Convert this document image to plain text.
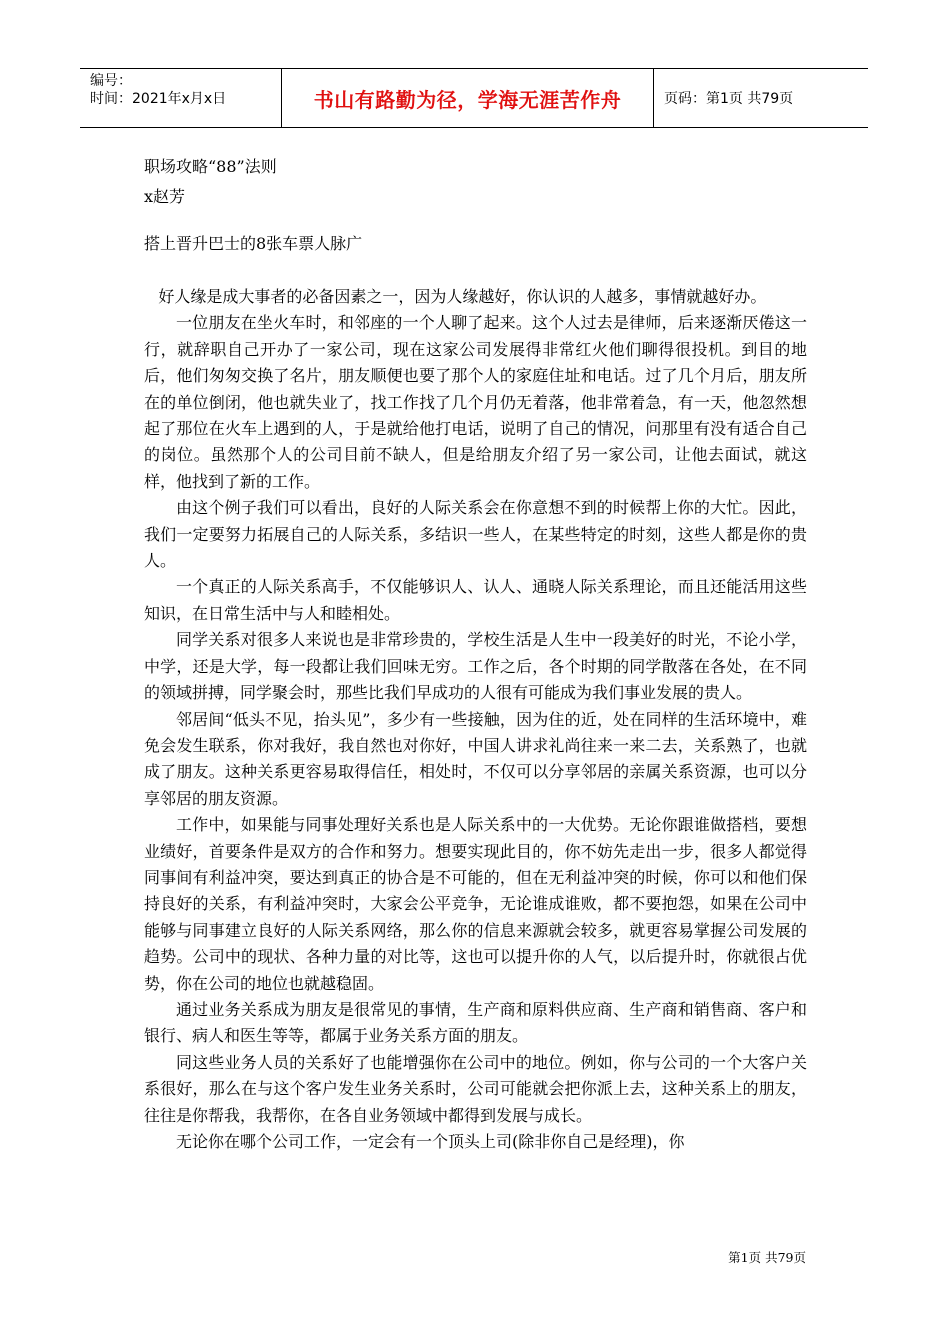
编号：
时间：2021年x月x日	书山有路勤为径，学海无涯苦作舟	页码：第1页 共79页
职场攻略“88”法则
x赵芳
搭上晋升巴士的8张车票人脉广

好人缘是成大事者的必备因素之一，因为人缘越好，你认识的人越多，事情就越好办。

一位朋友在坐火车时，和邻座的一个人聊了起来。这个人过去是律师，后来逐渐厌倦这一行，就辞职自己开办了一家公司，现在这家公司发展得非常红火他们聊得很投机。到目的地后，他们匆匆交换了名片，朋友顺便也要了那个人的家庭住址和电话。过了几个月后，朋友所在的单位倒闭，他也就失业了，找工作找了几个月仍无着落，他非常着急，有一天，他忽然想起了那位在火车上遇到的人，于是就给他打电话，说明了自己的情况，问那里有没有适合自己的岗位。虽然那个人的公司目前不缺人，但是给朋友介绍了另一家公司，让他去面试，就这样，他找到了新的工作。

由这个例子我们可以看出，良好的人际关系会在你意想不到的时候帮上你的大忙。因此，我们一定要努力拓展自己的人际关系，多结识一些人，在某些特定的时刻，这些人都是你的贵人。

一个真正的人际关系高手，不仅能够识人、认人、通晓人际关系理论，而且还能活用这些知识，在日常生活中与人和睦相处。

同学关系对很多人来说也是非常珍贵的，学校生活是人生中一段美好的时光，不论小学，中学，还是大学，每一段都让我们回味无穷。工作之后，各个时期的同学散落在各处，在不同的领域拼搏，同学聚会时，那些比我们早成功的人很有可能成为我们事业发展的贵人。

邻居间“低头不见，抬头见”，多少有一些接触，因为住的近，处在同样的生活环境中，难免会发生联系，你对我好，我自然也对你好，中国人讲求礼尚往来一来二去，关系熟了，也就成了朋友。这种关系更容易取得信任，相处时，不仅可以分享邻居的亲属关系资源，也可以分享邻居的朋友资源。

工作中，如果能与同事处理好关系也是人际关系中的一大优势。无论你跟谁做搭档，要想业绩好，首要条件是双方的合作和努力。想要实现此目的，你不妨先走出一步，很多人都觉得同事间有利益冲突，要达到真正的协合是不可能的，但在无利益冲突的时候，你可以和他们保持良好的关系，有利益冲突时，大家会公平竞争，无论谁成谁败，都不要抱怨，如果在公司中能够与同事建立良好的人际关系网络，那么你的信息来源就会较多，就更容易掌握公司发展的趋势。公司中的现状、各种力量的对比等，这也可以提升你的人气，以后提升时，你就很占优势，你在公司的地位也就越稳固。

通过业务关系成为朋友是很常见的事情，生产商和原料供应商、生产商和销售商、客户和银行、病人和医生等等，都属于业务关系方面的朋友。

同这些业务人员的关系好了也能增强你在公司中的地位。例如，你与公司的一个大客户关系很好，那么在与这个客户发生业务关系时，公司可能就会把你派上去，这种关系上的朋友，往往是你帮我，我帮你，在各自业务领域中都得到发展与成长。

无论你在哪个公司工作，一定会有一个顶头上司(除非你自己是经理)，你

第1页 共79页
